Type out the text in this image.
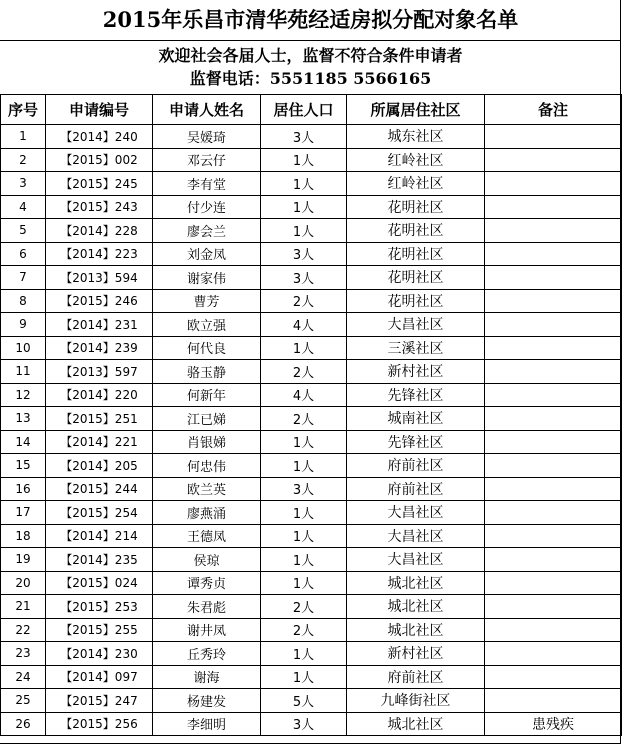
2015年乐昌市清华苑经适房拟分配对象名单
欢迎社会各届人士，监督不符合条件申请者
监督电话：5551185 5566165
序号	申请编号	申请人姓名	居住人口	所属居住社区	备注
1	【2014】240	吴媛琦	3人	城东社区	
2	【2015】002	邓云仔	1人	红岭社区	
3	【2015】245	李有堂	1人	红岭社区	
4	【2015】243	付少连	1人	花明社区	
5	【2014】228	廖会兰	1人	花明社区	
6	【2014】223	刘金凤	3人	花明社区	
7	【2013】594	谢家伟	3人	花明社区	
8	【2015】246	曹芳	2人	花明社区	
9	【2014】231	欧立强	4人	大昌社区	
10	【2014】239	何代良	1人	三溪社区	
11	【2013】597	骆玉静	2人	新村社区	
12	【2014】220	何新年	4人	先锋社区	
13	【2015】251	江已娣	2人	城南社区	
14	【2014】221	肖银娣	1人	先锋社区	
15	【2014】205	何忠伟	1人	府前社区	
16	【2015】244	欧兰英	3人	府前社区	
17	【2015】254	廖燕涌	1人	大昌社区	
18	【2014】214	王德凤	1人	大昌社区	
19	【2014】235	侯琼	1人	大昌社区	
20	【2015】024	谭秀贞	1人	城北社区	
21	【2015】253	朱君彪	2人	城北社区	
22	【2015】255	谢井凤	2人	城北社区	
23	【2014】230	丘秀玲	1人	新村社区	
24	【2014】097	谢海	1人	府前社区	
25	【2015】247	杨建发	5人	九峰街社区	
26	【2015】256	李细明	3人	城北社区	患残疾
